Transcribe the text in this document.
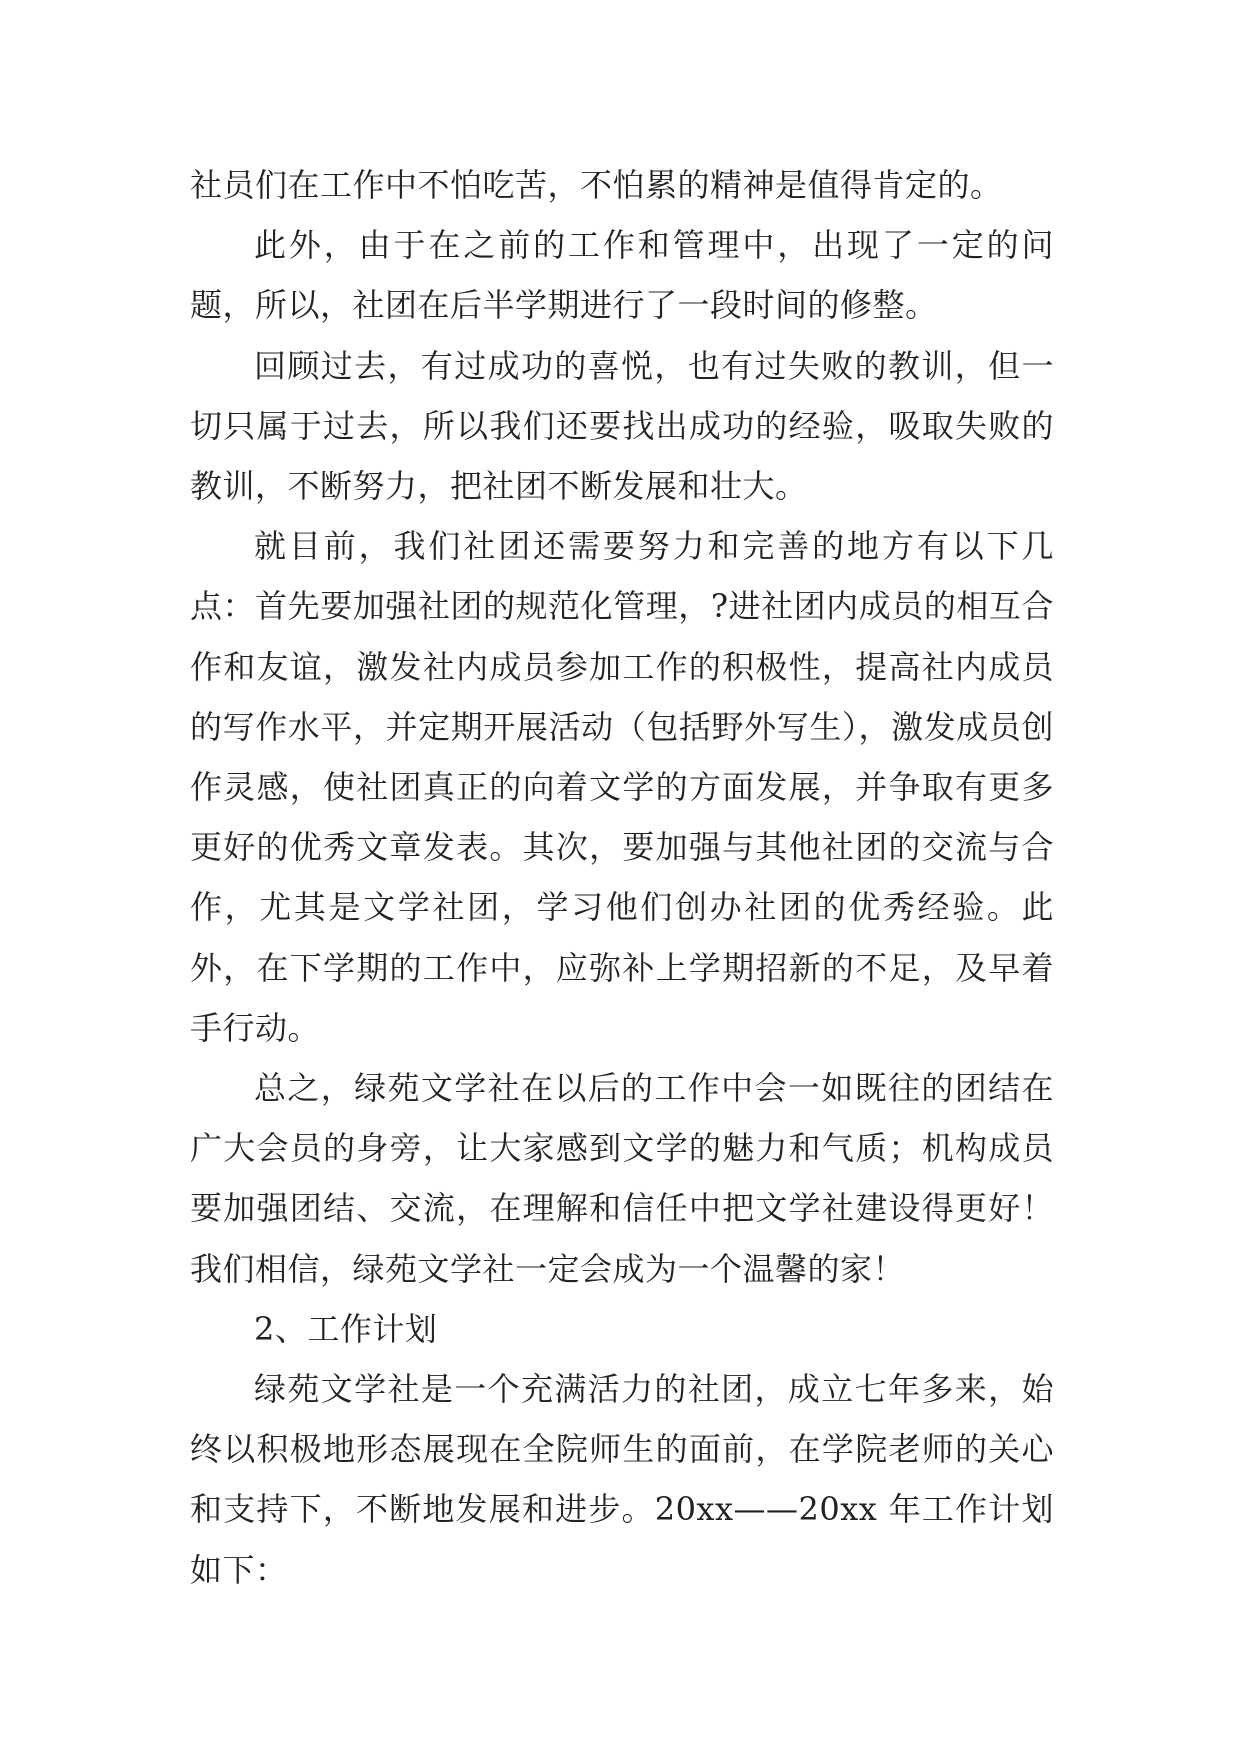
社员们在工作中不怕吃苦，不怕累的精神是值得肯定的。

此外，由于在之前的工作和管理中，出现了一定的问题，所以，社团在后半学期进行了一段时间的修整。

回顾过去，有过成功的喜悦，也有过失败的教训，但一切只属于过去，所以我们还要找出成功的经验，吸取失败的教训，不断努力，把社团不断发展和壮大。

就目前，我们社团还需要努力和完善的地方有以下几点：首先要加强社团的规范化管理，?进社团内成员的相互合作和友谊，激发社内成员参加工作的积极性，提高社内成员的写作水平，并定期开展活动（包括野外写生），激发成员创作灵感，使社团真正的向着文学的方面发展，并争取有更多更好的优秀文章发表。其次，要加强与其他社团的交流与合作，尤其是文学社团，学习他们创办社团的优秀经验。此外，在下学期的工作中，应弥补上学期招新的不足，及早着手行动。

总之，绿苑文学社在以后的工作中会一如既往的团结在广大会员的身旁，让大家感到文学的魅力和气质；机构成员要加强团结、交流，在理解和信任中把文学社建设得更好！我们相信，绿苑文学社一定会成为一个温馨的家！

2、工作计划

绿苑文学社是一个充满活力的社团，成立七年多来，始终以积极地形态展现在全院师生的面前，在学院老师的关心和支持下，不断地发展和进步。20xx——20xx 年工作计划如下：
